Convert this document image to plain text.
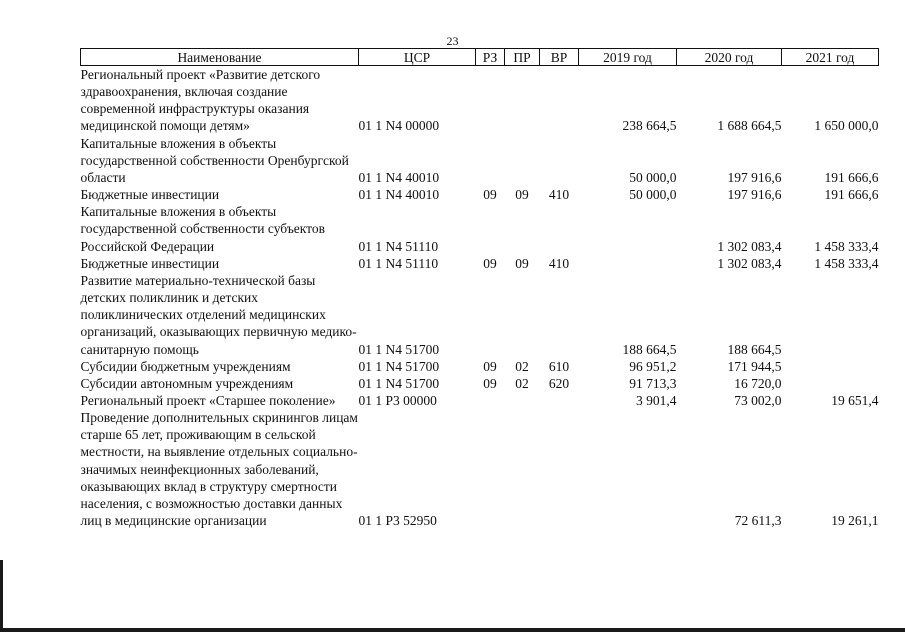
23
Наименование	ЦСР	РЗ	ПР	ВР	2019 год	2020 год	2021 год
Региональный проект «Развитие детского здравоохранения, включая создание современной инфраструктуры оказания медицинской помощи детям»	01 1 N4 00000				238 664,5	1 688 664,5	1 650 000,0
Капитальные вложения в объекты государственной собственности Оренбургской области	01 1 N4 40010				50 000,0	197 916,6	191 666,6
Бюджетные инвестиции	01 1 N4 40010	09	09	410	50 000,0	197 916,6	191 666,6
Капитальные вложения в объекты государственной собственности субъектов Российской Федерации	01 1 N4 51110					1 302 083,4	1 458 333,4
Бюджетные инвестиции	01 1 N4 51110	09	09	410		1 302 083,4	1 458 333,4
Развитие материально-технической базы детских поликлиник и детских поликлинических отделений медицинских организаций, оказывающих первичную медико-санитарную помощь	01 1 N4 51700				188 664,5	188 664,5	
Субсидии бюджетным учреждениям	01 1 N4 51700	09	02	610	96 951,2	171 944,5	
Субсидии автономным учреждениям	01 1 N4 51700	09	02	620	91 713,3	16 720,0	
Региональный проект «Старшее поколение»	01 1 P3 00000				3 901,4	73 002,0	19 651,4
Проведение дополнительных скринингов лицам старше 65 лет, проживающим в сельской местности, на выявление отдельных социально-значимых неинфекционных заболеваний, оказывающих вклад в структуру смертности населения, с возможностью доставки данных лиц в медицинские организации	01 1 P3 52950					72 611,3	19 261,1
